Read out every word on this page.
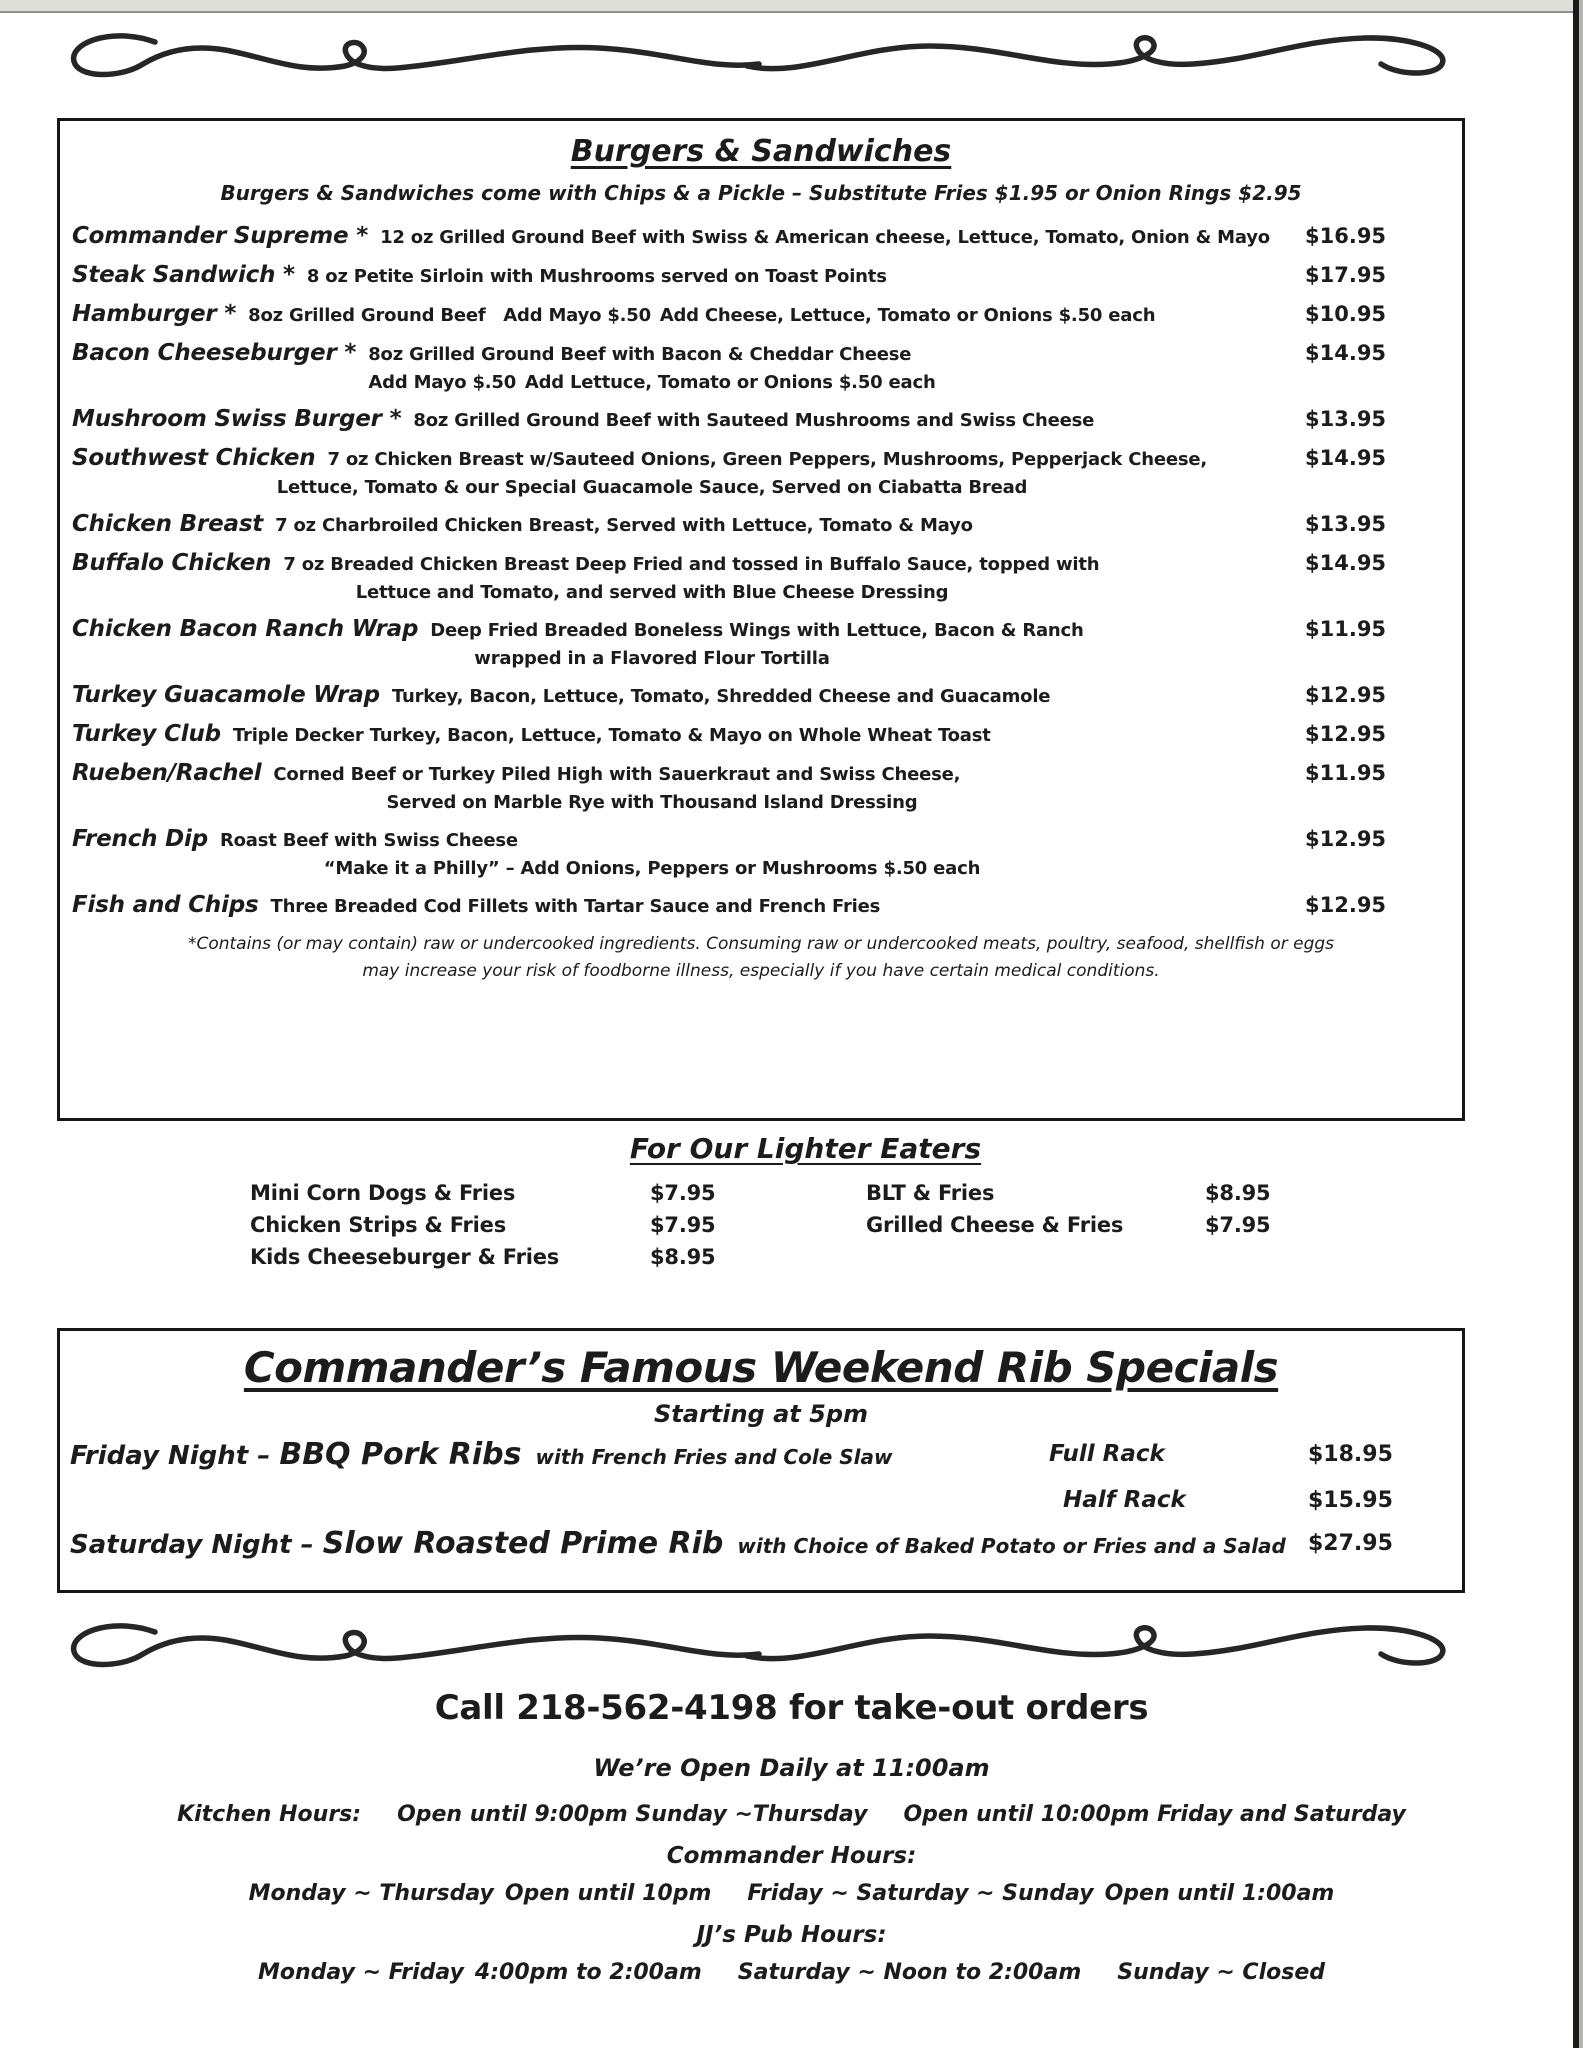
Burgers & Sandwiches
Burgers & Sandwiches come with Chips & a Pickle – Substitute Fries $1.95 or Onion Rings $2.95
Commander Supreme * 12 oz Grilled Ground Beef with Swiss & American cheese, Lettuce, Tomato, Onion & Mayo $16.95
Steak Sandwich * 8 oz Petite Sirloin with Mushrooms served on Toast Points	$17.95
Hamburger * 8oz Grilled Ground Beef Add Mayo $.50 Add Cheese, Lettuce, Tomato or Onions $.50 each	$10.95
Bacon Cheeseburger * 8oz Grilled Ground Beef with Bacon & Cheddar Cheese	$14.95
Add Mayo $.50 Add Lettuce, Tomato or Onions $.50 each
Mushroom Swiss Burger * 8oz Grilled Ground Beef with Sauteed Mushrooms and Swiss Cheese	$13.95
Southwest Chicken 7 oz Chicken Breast w/Sauteed Onions, Green Peppers, Mushrooms, Pepperjack Cheese,	$14.95
Lettuce, Tomato & our Special Guacamole Sauce, Served on Ciabatta Bread
Chicken Breast 7 oz Charbroiled Chicken Breast, Served with Lettuce, Tomato & Mayo	$13.95
Buffalo Chicken 7 oz Breaded Chicken Breast Deep Fried and tossed in Buffalo Sauce, topped with	$14.95
Lettuce and Tomato, and served with Blue Cheese Dressing
Chicken Bacon Ranch Wrap Deep Fried Breaded Boneless Wings with Lettuce, Bacon & Ranch	$11.95
wrapped in a Flavored Flour Tortilla
Turkey Guacamole Wrap Turkey, Bacon, Lettuce, Tomato, Shredded Cheese and Guacamole	$12.95
Turkey Club Triple Decker Turkey, Bacon, Lettuce, Tomato & Mayo on Whole Wheat Toast	$12.95
Rueben/Rachel Corned Beef or Turkey Piled High with Sauerkraut and Swiss Cheese,	$11.95
Served on Marble Rye with Thousand Island Dressing
French Dip Roast Beef with Swiss Cheese	$12.95
“Make it a Philly” – Add Onions, Peppers or Mushrooms $.50 each
Fish and Chips Three Breaded Cod Fillets with Tartar Sauce and French Fries	$12.95
*Contains (or may contain) raw or undercooked ingredients. Consuming raw or undercooked meats, poultry, seafood, shellfish or eggs
may increase your risk of foodborne illness, especially if you have certain medical conditions.
For Our Lighter Eaters
Mini Corn Dogs & Fries	$7.95	BLT & Fries	$8.95
Chicken Strips & Fries	$7.95	Grilled Cheese & Fries	$7.95
Kids Cheeseburger & Fries	$8.95
Commander’s Famous Weekend Rib Specials
Starting at 5pm
Friday Night – BBQ Pork Ribs with French Fries and Cole Slaw	Full Rack	$18.95
Half Rack	$15.95
Saturday Night – Slow Roasted Prime Rib with Choice of Baked Potato or Fries and a Salad $27.95
Call 218-562-4198 for take-out orders
We’re Open Daily at 11:00am
Kitchen Hours: Open until 9:00pm Sunday ~Thursday Open until 10:00pm Friday and Saturday
Commander Hours:
Monday ~ Thursday Open until 10pm Friday ~ Saturday ~ Sunday Open until 1:00am
JJ’s Pub Hours:
Monday ~ Friday 4:00pm to 2:00am Saturday ~ Noon to 2:00am Sunday ~ Closed
